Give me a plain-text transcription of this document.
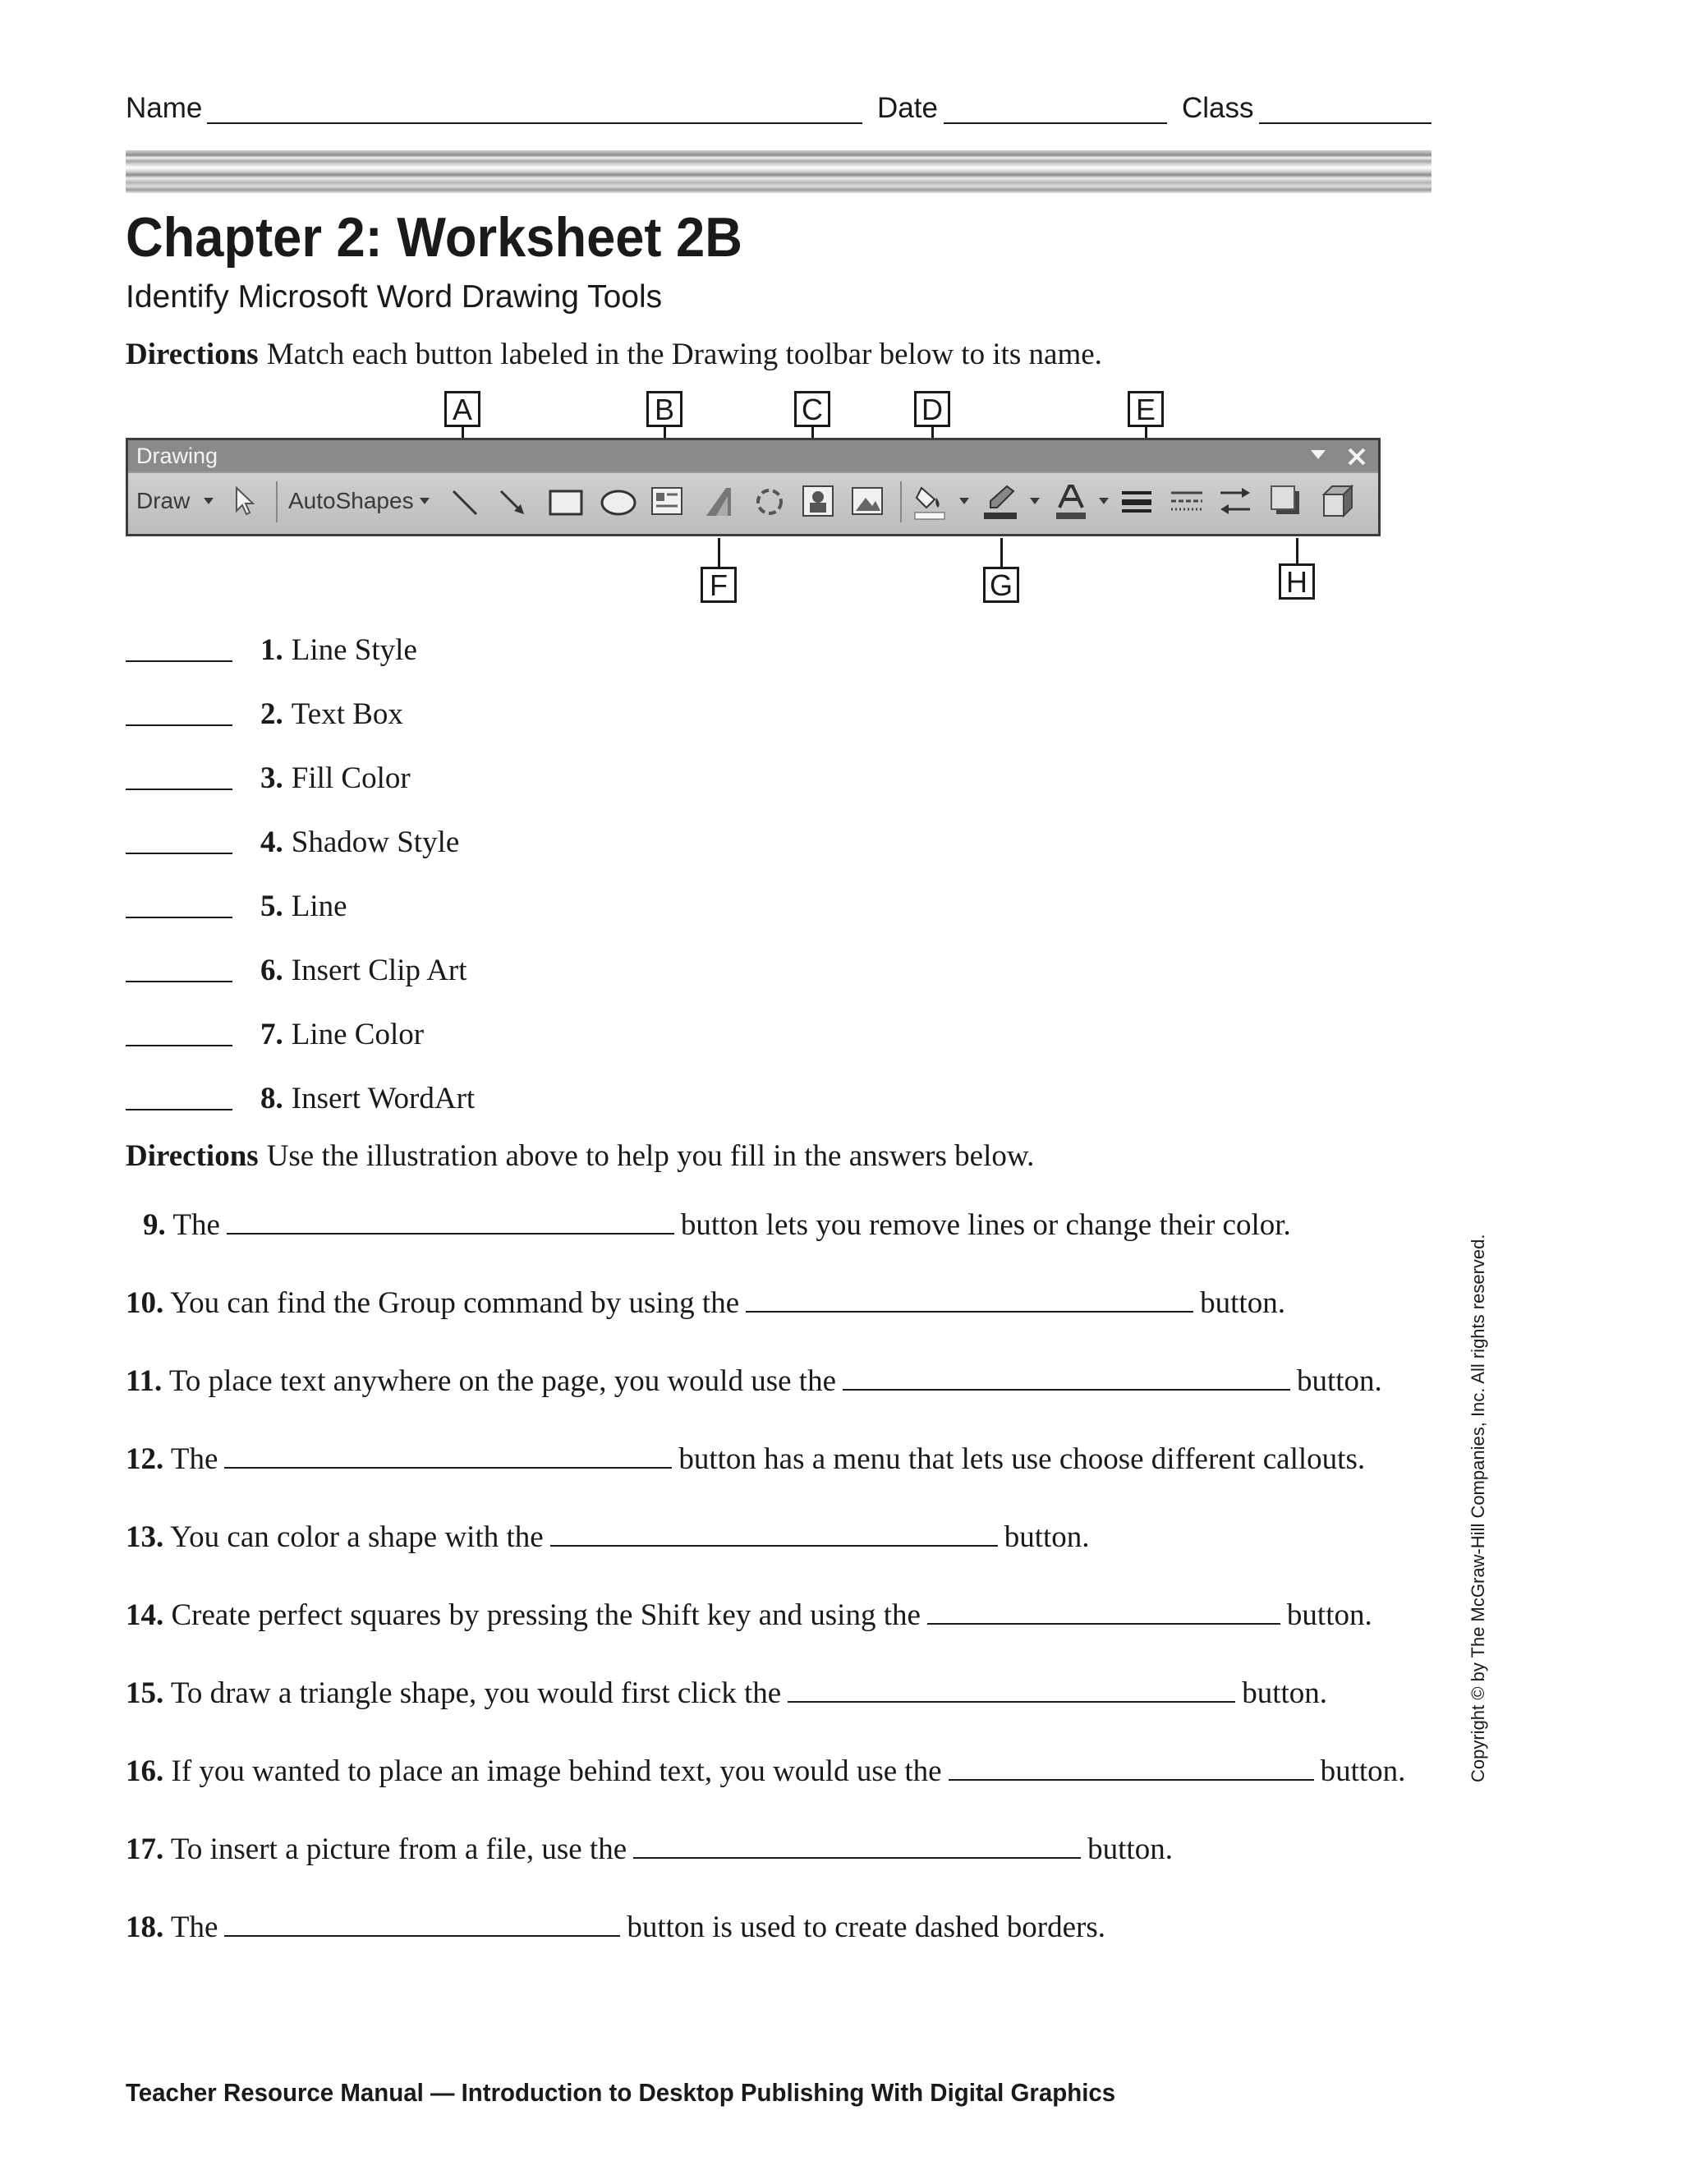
Name	Date	Class
Chapter 2: Worksheet 2B
Identify Microsoft Word Drawing Tools
Directions Match each button labeled in the Drawing toolbar below to its name.
A	B	C	D	E
Drawing
Draw	AutoShapes
F	G	H
1. Line Style
2. Text Box
3. Fill Color
4. Shadow Style
5. Line
6. Insert Clip Art
7. Line Color
8. Insert WordArt
Directions Use the illustration above to help you fill in the answers below.
9. The	button lets you remove lines or change their color.
10. You can find the Group command by using the	button.
11. To place text anywhere on the page, you would use the	button.
12. The	button has a menu that lets use choose different callouts.
13. You can color a shape with the	button.
14. Create perfect squares by pressing the Shift key and using the	button.
15. To draw a triangle shape, you would first click the	button.
16. If you wanted to place an image behind text, you would use the	button.
17. To insert a picture from a file, use the	button.
18. The	button is used to create dashed borders.
Copyright © by The McGraw-Hill Companies, Inc. All rights reserved.
Teacher Resource Manual — Introduction to Desktop Publishing With Digital Graphics
